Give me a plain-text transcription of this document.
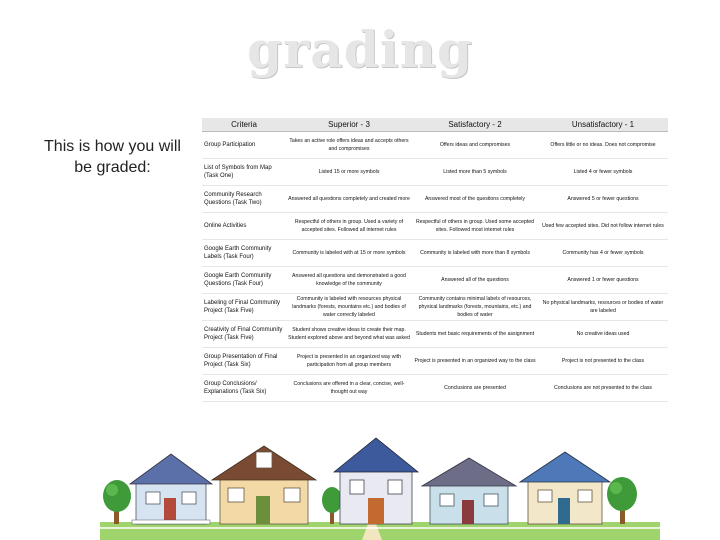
grading
This is how you will be graded:
Criteria	Superior - 3	Satisfactory - 2	Unsatisfactory - 1
Group Participation	Takes an active role offers ideas and accepts others and compromises	Offers ideas and compromises	Offers little or no ideas. Does not compromise
List of Symbols from Map (Task One)	Listed 15 or more symbols	Listed more than 5 symbols	Listed 4 or fewer symbols
Community Research Questions (Task Two)	Answered all questions completely and created more	Answered most of the questions completely	Answered 5 or fewer questions
Online Activities	Respectful of others in group. Used a variety of accepted sites. Followed all internet rules	Respectful of others in group. Used some accepted sites. Followed most internet rules	Used few accepted sites. Did not follow internet rules
Google Earth Community Labels (Task Four)	Community is labeled with at 15 or more symbols	Community is labeled with more than 8 symbols	Community has 4 or fewer symbols
Google Earth Community Questions (Task Four)	Answered all questions and demonstrated a good knowledge of the community	Answered all of the questions	Answered 1 or fewer questions
Labeling of Final Community Project (Task Five)	Community is labeled with resources physical landmarks (forests, mountains etc.) and bodies of water correctly labeled	Community contains minimal labels of resources, physical landmarks (forests, mountains, etc.) and bodies of water	No physical landmarks, resources or bodies of water are labeled
Creativity of Final Community Project (Task Five)	Student shows creative ideas to create their map. Student explored above and beyond what was asked	Students met basic requirements of the assignment	No creative ideas used
Group Presentation of Final Project (Task Six)	Project is presented in an organized way with participation from all group members	Project is presented in an organized way to the class	Project is not presented to the class
Group Conclusions/ Explanations (Task Six)	Conclusions are offered in a clear, concise, well-thought out way	Conclusions are presented	Conclusions are not presented to the class
